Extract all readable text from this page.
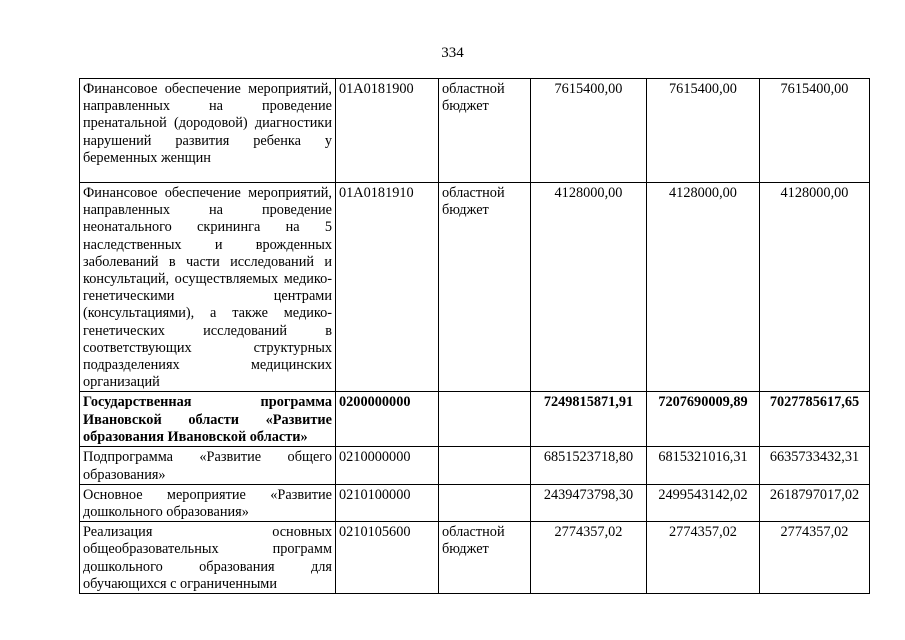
334
Финансовое обеспечение мероприятий, направленных на проведение пренатальной (дородовой) диагностики нарушений развития ребенка у беременных женщин	01А0181900	областной бюджет	7615400,00	7615400,00	7615400,00

Финансовое обеспечение мероприятий, направленных на проведение неонатального скрининга на 5 наследственных и врожденных заболеваний в части исследований и консультаций, осуществляемых медико-генетическими центрами (консультациями), а также медико-генетических исследований в соответствующих структурных подразделениях медицинских организаций	01А0181910	областной бюджет	4128000,00	4128000,00	4128000,00

Государственная программа Ивановской области «Развитие образования Ивановской области»	0200000000		7249815871,91	7207690009,89	7027785617,65

Подпрограмма «Развитие общего образования»	0210000000		6851523718,80	6815321016,31	6635733432,31

Основное мероприятие «Развитие дошкольного образования»	0210100000		2439473798,30	2499543142,02	2618797017,02

Реализация основных общеобразовательных программ дошкольного образования для обучающихся с ограниченными	0210105600	областной бюджет	2774357,02	2774357,02	2774357,02
